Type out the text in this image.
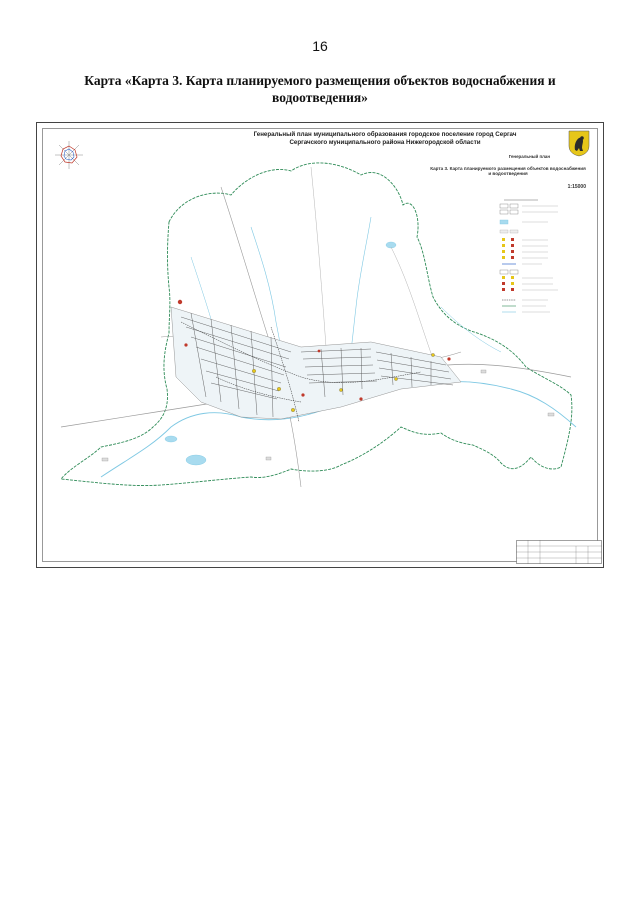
16
Карта «Карта 3. Карта планируемого размещения объектов водоснабжения и водоотведения»
Генеральный план муниципального образования городское поселение город Сергач
Сергачского муниципального района Нижегородской области
Генеральный план
Карта 3. Карта планируемого размещения объектов водоснабжения и водоотведения
1:15000
